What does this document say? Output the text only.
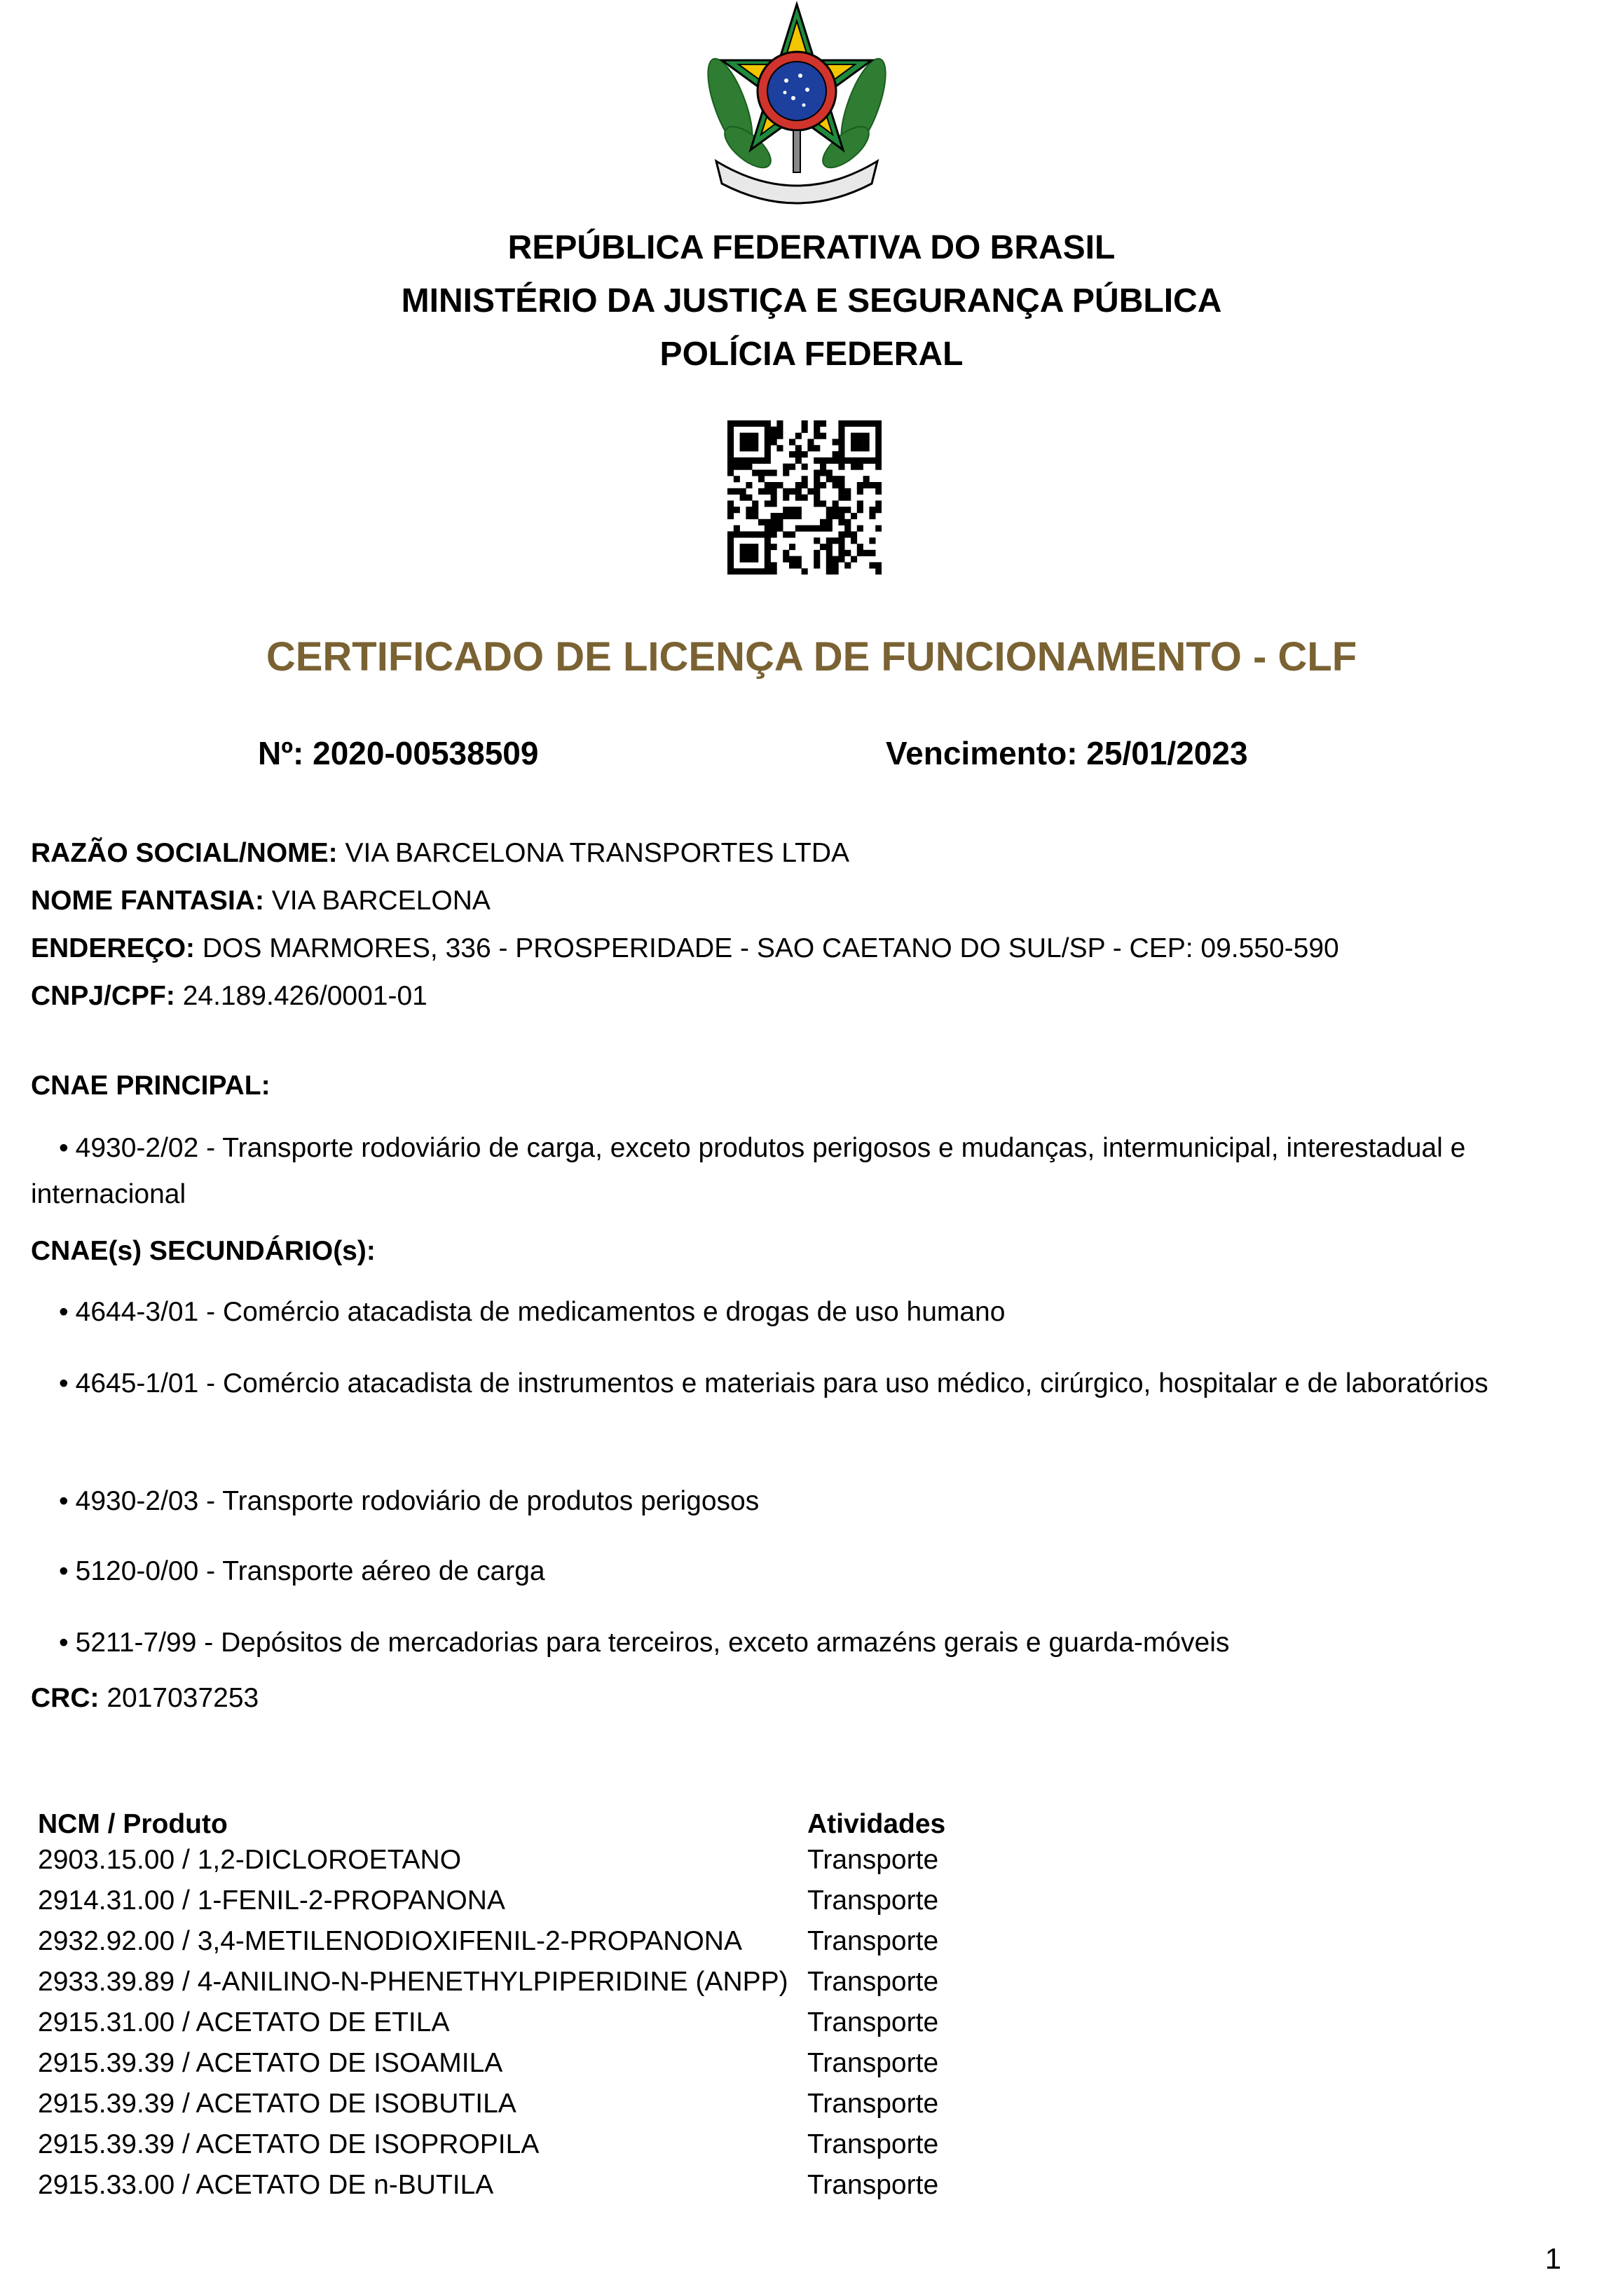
REPÚBLICA FEDERATIVA DO BRASIL
MINISTÉRIO DA JUSTIÇA E SEGURANÇA PÚBLICA
POLÍCIA FEDERAL
CERTIFICADO DE LICENÇA DE FUNCIONAMENTO - CLF
Nº: 2020-00538509	Vencimento: 25/01/2023
RAZÃO SOCIAL/NOME: VIA BARCELONA TRANSPORTES LTDA
NOME FANTASIA: VIA BARCELONA
ENDEREÇO: DOS MARMORES, 336 - PROSPERIDADE - SAO CAETANO DO SUL/SP - CEP: 09.550-590
CNPJ/CPF: 24.189.426/0001-01
CNAE PRINCIPAL:
• 4930-2/02 - Transporte rodoviário de carga, exceto produtos perigosos e mudanças, intermunicipal, interestadual e internacional
CNAE(s) SECUNDÁRIO(s):
• 4644-3/01 - Comércio atacadista de medicamentos e drogas de uso humano
• 4645-1/01 - Comércio atacadista de instrumentos e materiais para uso médico, cirúrgico, hospitalar e de laboratórios
• 4930-2/03 - Transporte rodoviário de produtos perigosos
• 5120-0/00 - Transporte aéreo de carga
• 5211-7/99 - Depósitos de mercadorias para terceiros, exceto armazéns gerais e guarda-móveis
CRC: 2017037253
NCM / Produto	Atividades
2903.15.00 / 1,2-DICLOROETANO	Transporte
2914.31.00 / 1-FENIL-2-PROPANONA	Transporte
2932.92.00 / 3,4-METILENODIOXIFENIL-2-PROPANONA	Transporte
2933.39.89 / 4-ANILINO-N-PHENETHYLPIPERIDINE (ANPP)	Transporte
2915.31.00 / ACETATO DE ETILA	Transporte
2915.39.39 / ACETATO DE ISOAMILA	Transporte
2915.39.39 / ACETATO DE ISOBUTILA	Transporte
2915.39.39 / ACETATO DE ISOPROPILA	Transporte
2915.33.00 / ACETATO DE n-BUTILA	Transporte
1
